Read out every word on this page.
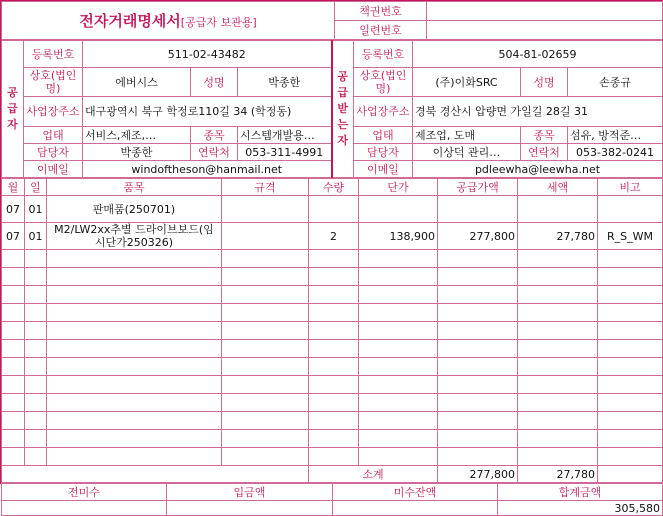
전자거래명세서[공급자 보관용]	책권번호	
	일련번호	
공급자	등록번호	511-02-43482			공급받는자	등록번호	504-81-02659		
	상호(법인명)	에버시스	성명	박종한		상호(법인명)	(주)이화SRC	성명	손종규
	사업장주소	대구광역시 북구 학정로110길 34 (학정동)				사업장주소	경북 경산시 압량면 가일길 28길 31		
	업태	서비스,제조,…	종목	시스템개발용…		업태	제조업, 도매	종목	섬유, 방적준…
	담당자	박종한	연락처	053-311-4991		담당자	이상덕 관리…	연락처	053-382-0241
	이메일	windoftheson@hanmail.net				이메일	pdleewha@leewha.net		
월	일	품목	규격	수량	단가	공급가액	세액	비고
07	01	판매품(250701)						
07	01	M2/LW2xx추별 드라이브보드(임시단가250326)		2	138,900	277,800	27,780	R_S_WM

				소계		277,800	27,780	
전미수	입금액	미수잔액	합계금액
			305,580
